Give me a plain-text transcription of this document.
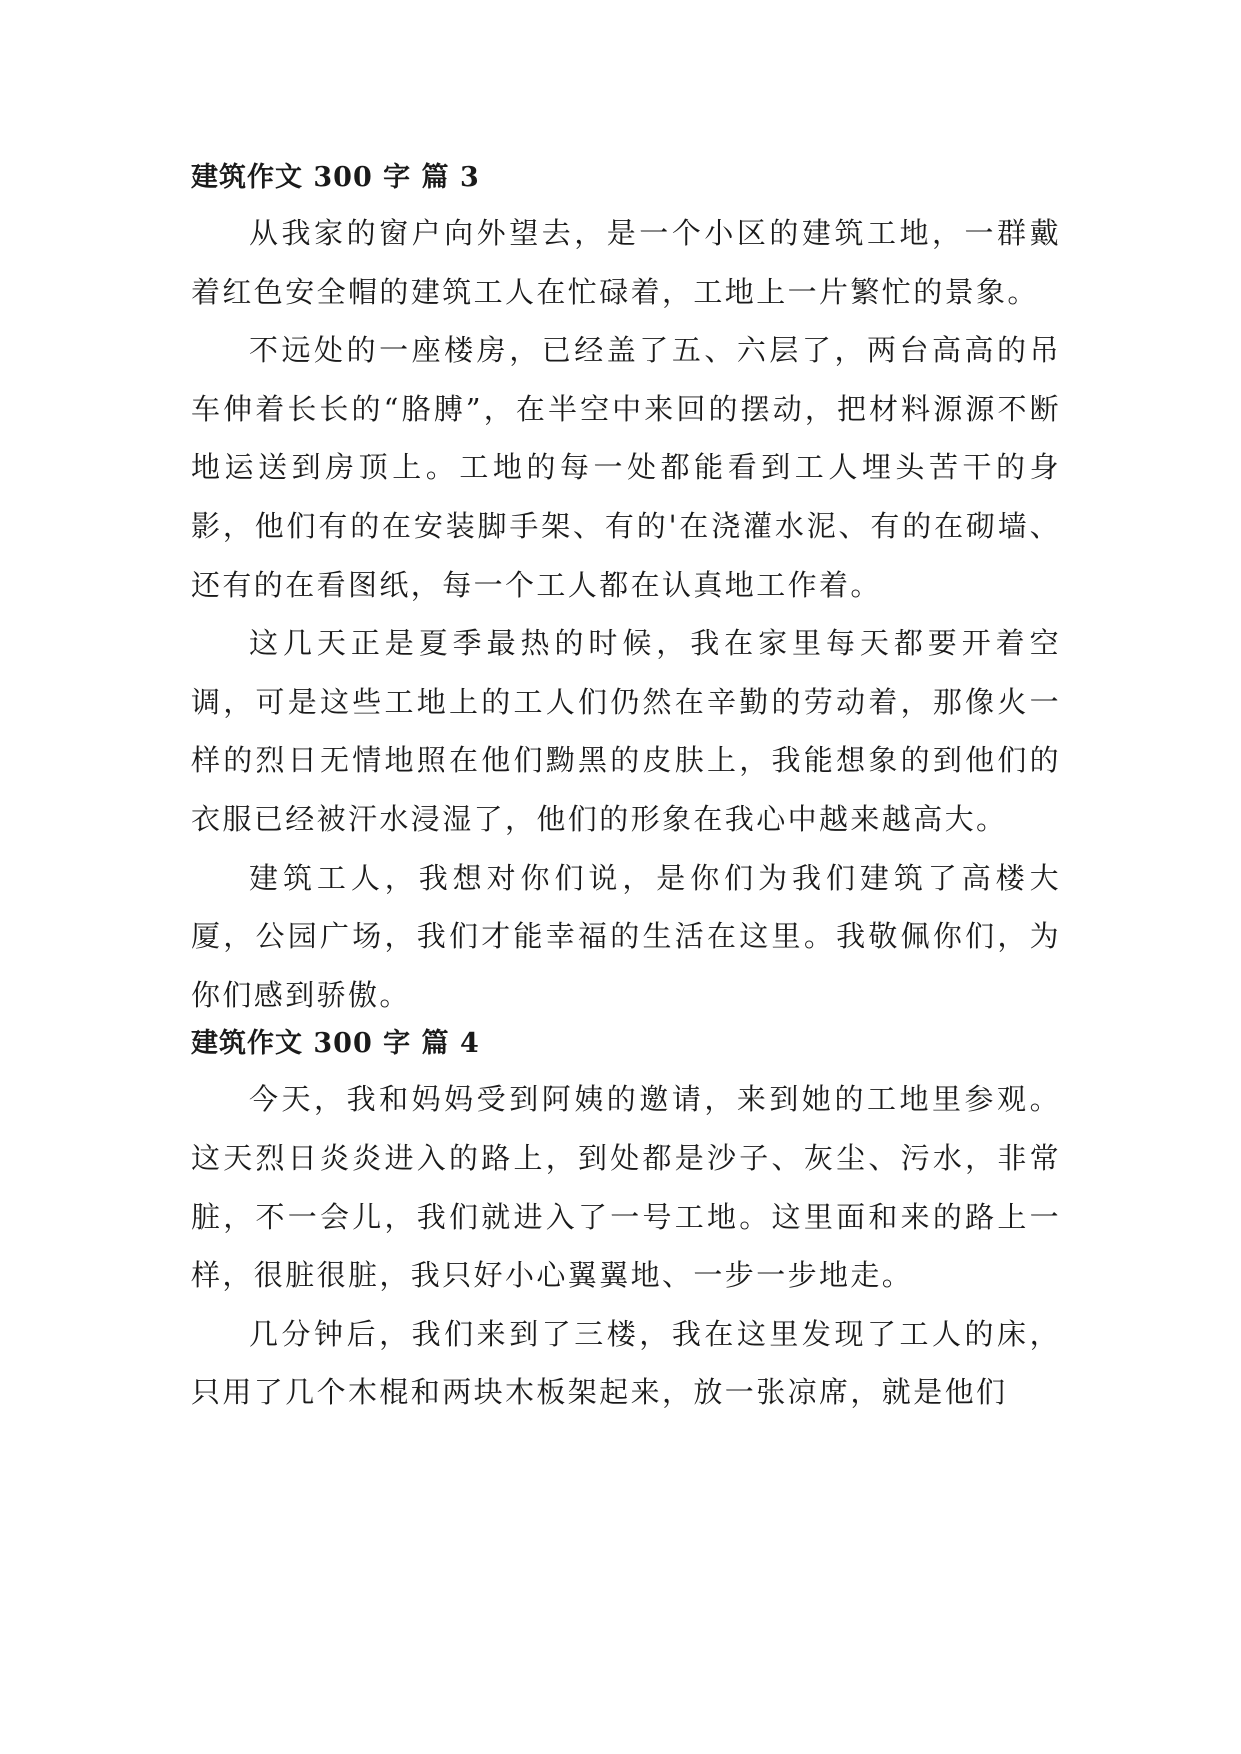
建筑作文 300 字 篇 3

从我家的窗户向外望去，是一个小区的建筑工地，一群戴着红色安全帽的建筑工人在忙碌着，工地上一片繁忙的景象。

不远处的一座楼房，已经盖了五、六层了，两台高高的吊车伸着长长的“胳膊”，在半空中来回的摆动，把材料源源不断地运送到房顶上。工地的每一处都能看到工人埋头苦干的身影，他们有的在安装脚手架、有的'在浇灌水泥、有的在砌墙、还有的在看图纸，每一个工人都在认真地工作着。

这几天正是夏季最热的时候，我在家里每天都要开着空调，可是这些工地上的工人们仍然在辛勤的劳动着，那像火一样的烈日无情地照在他们黝黑的皮肤上，我能想象的到他们的衣服已经被汗水浸湿了，他们的形象在我心中越来越高大。

建筑工人，我想对你们说，是你们为我们建筑了高楼大厦，公园广场，我们才能幸福的生活在这里。我敬佩你们，为你们感到骄傲。

建筑作文 300 字 篇 4

今天，我和妈妈受到阿姨的邀请，来到她的工地里参观。这天烈日炎炎进入的路上，到处都是沙子、灰尘、污水，非常脏，不一会儿，我们就进入了一号工地。这里面和来的路上一样，很脏很脏，我只好小心翼翼地、一步一步地走。

几分钟后，我们来到了三楼，我在这里发现了工人的床，只用了几个木棍和两块木板架起来，放一张凉席，就是他们
